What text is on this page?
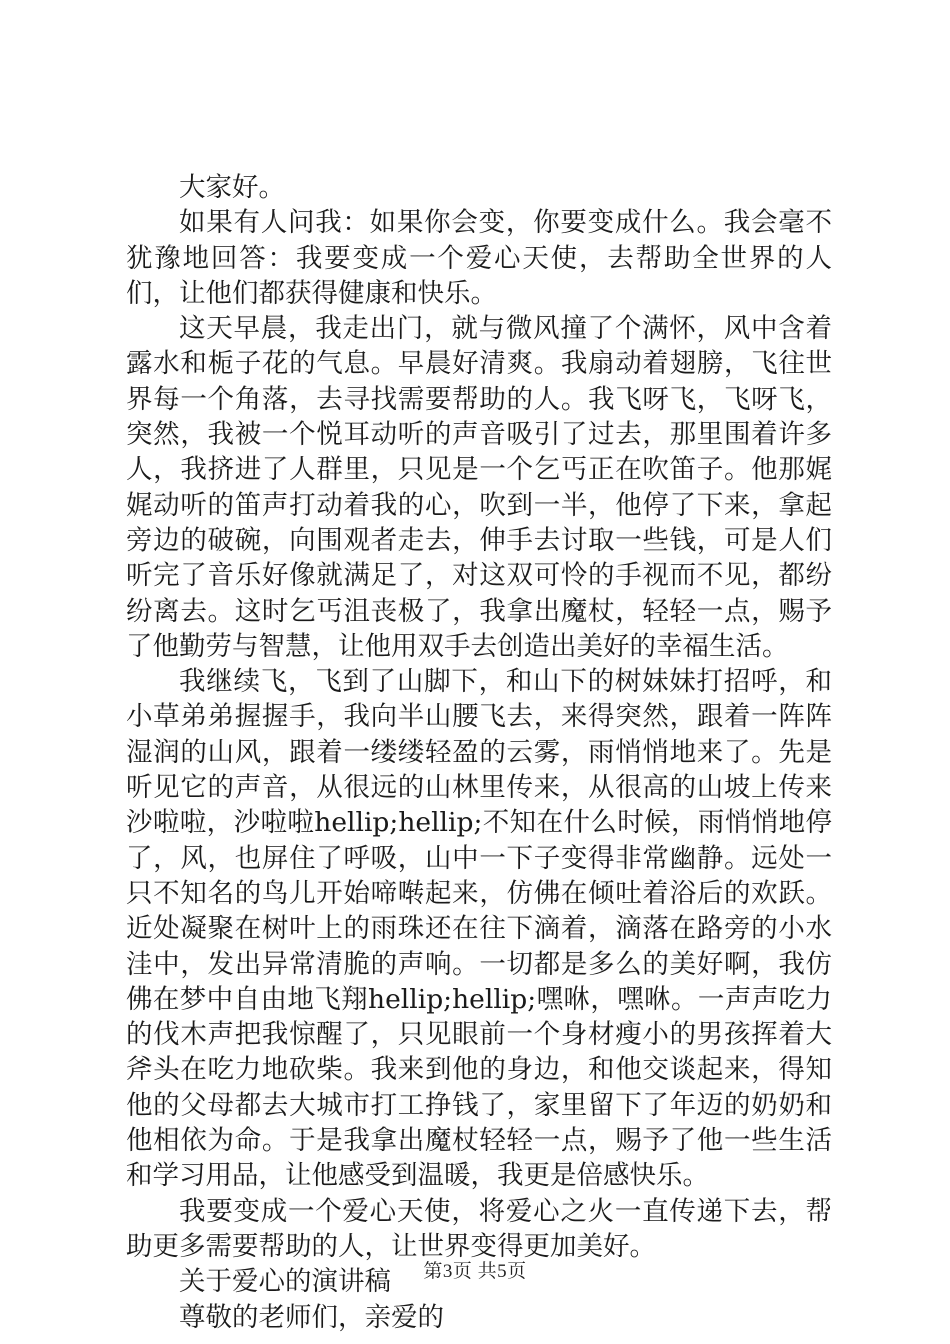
大家好。

如果有人问我：如果你会变，你要变成什么。我会毫不犹豫地回答：我要变成一个爱心天使，去帮助全世界的人们，让他们都获得健康和快乐。

这天早晨，我走出门，就与微风撞了个满怀，风中含着露水和栀子花的气息。早晨好清爽。我扇动着翅膀，飞往世界每一个角落，去寻找需要帮助的人。我飞呀飞，飞呀飞，突然，我被一个悦耳动听的声音吸引了过去，那里围着许多人，我挤进了人群里，只见是一个乞丐正在吹笛子。他那娓娓动听的笛声打动着我的心，吹到一半，他停了下来，拿起旁边的破碗，向围观者走去，伸手去讨取一些钱，可是人们听完了音乐好像就满足了，对这双可怜的手视而不见，都纷纷离去。这时乞丐沮丧极了，我拿出魔杖，轻轻一点，赐予了他勤劳与智慧，让他用双手去创造出美好的幸福生活。

我继续飞，飞到了山脚下，和山下的树妹妹打招呼，和小草弟弟握握手，我向半山腰飞去，来得突然，跟着一阵阵湿润的山风，跟着一缕缕轻盈的云雾，雨悄悄地来了。先是听见它的声音，从很远的山林里传来，从很高的山坡上传来沙啦啦，沙啦啦hellip;hellip;不知在什么时候，雨悄悄地停了，风，也屏住了呼吸，山中一下子变得非常幽静。远处一只不知名的鸟儿开始啼啭起来，仿佛在倾吐着浴后的欢跃。近处凝聚在树叶上的雨珠还在往下滴着，滴落在路旁的小水洼中，发出异常清脆的声响。一切都是多么的美好啊，我仿佛在梦中自由地飞翔hellip;hellip;嘿咻，嘿咻。一声声吃力的伐木声把我惊醒了，只见眼前一个身材瘦小的男孩挥着大斧头在吃力地砍柴。我来到他的身边，和他交谈起来，得知他的父母都去大城市打工挣钱了，家里留下了年迈的奶奶和他相依为命。于是我拿出魔杖轻轻一点，赐予了他一些生活和学习用品，让他感受到温暖，我更是倍感快乐。

我要变成一个爱心天使，将爱心之火一直传递下去，帮助更多需要帮助的人，让世界变得更加美好。

关于爱心的演讲稿

尊敬的老师们，亲爱的

第3页 共5页
